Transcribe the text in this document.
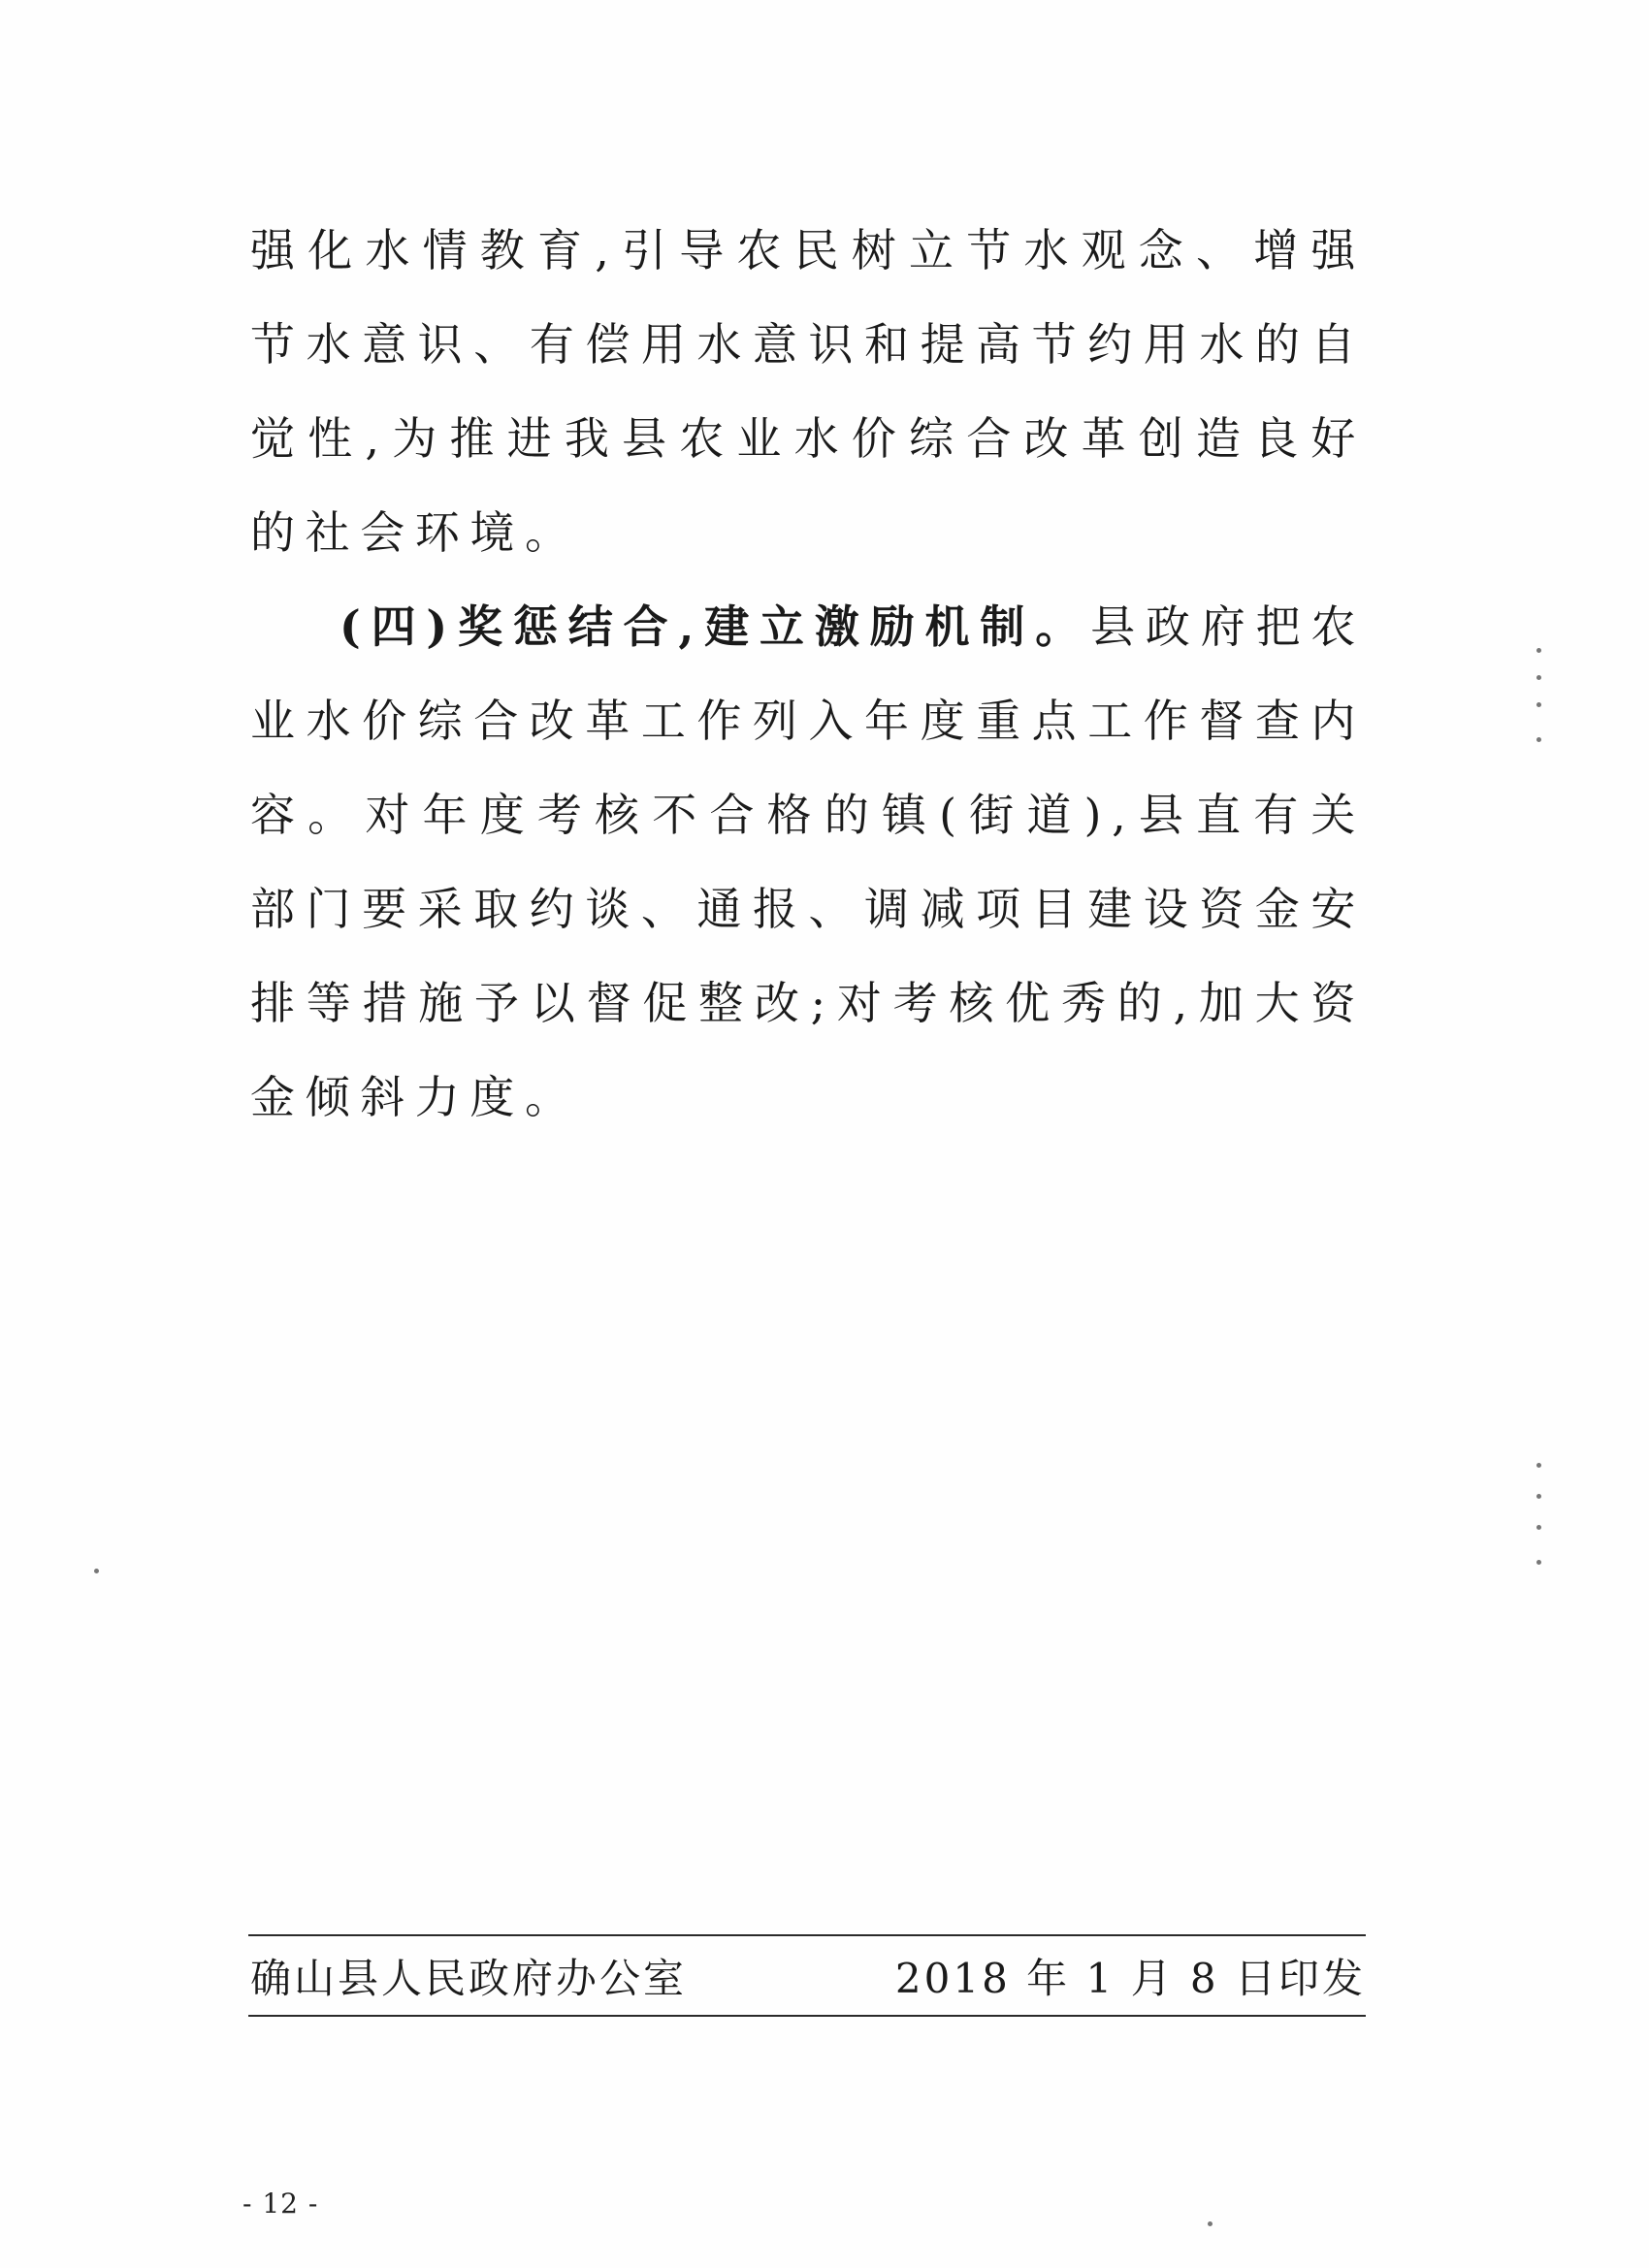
强化水情教育,引导农民树立节水观念、增强节水意识、有偿用水意识和提高节约用水的自觉性,为推进我县农业水价综合改革创造良好的社会环境。

(四)奖惩结合,建立激励机制。县政府把农业水价综合改革工作列入年度重点工作督查内容。对年度考核不合格的镇(街道),县直有关部门要采取约谈、通报、调减项目建设资金安排等措施予以督促整改;对考核优秀的,加大资金倾斜力度。

确山县人民政府办公室	2018 年 1 月 8 日印发
- 12 -
